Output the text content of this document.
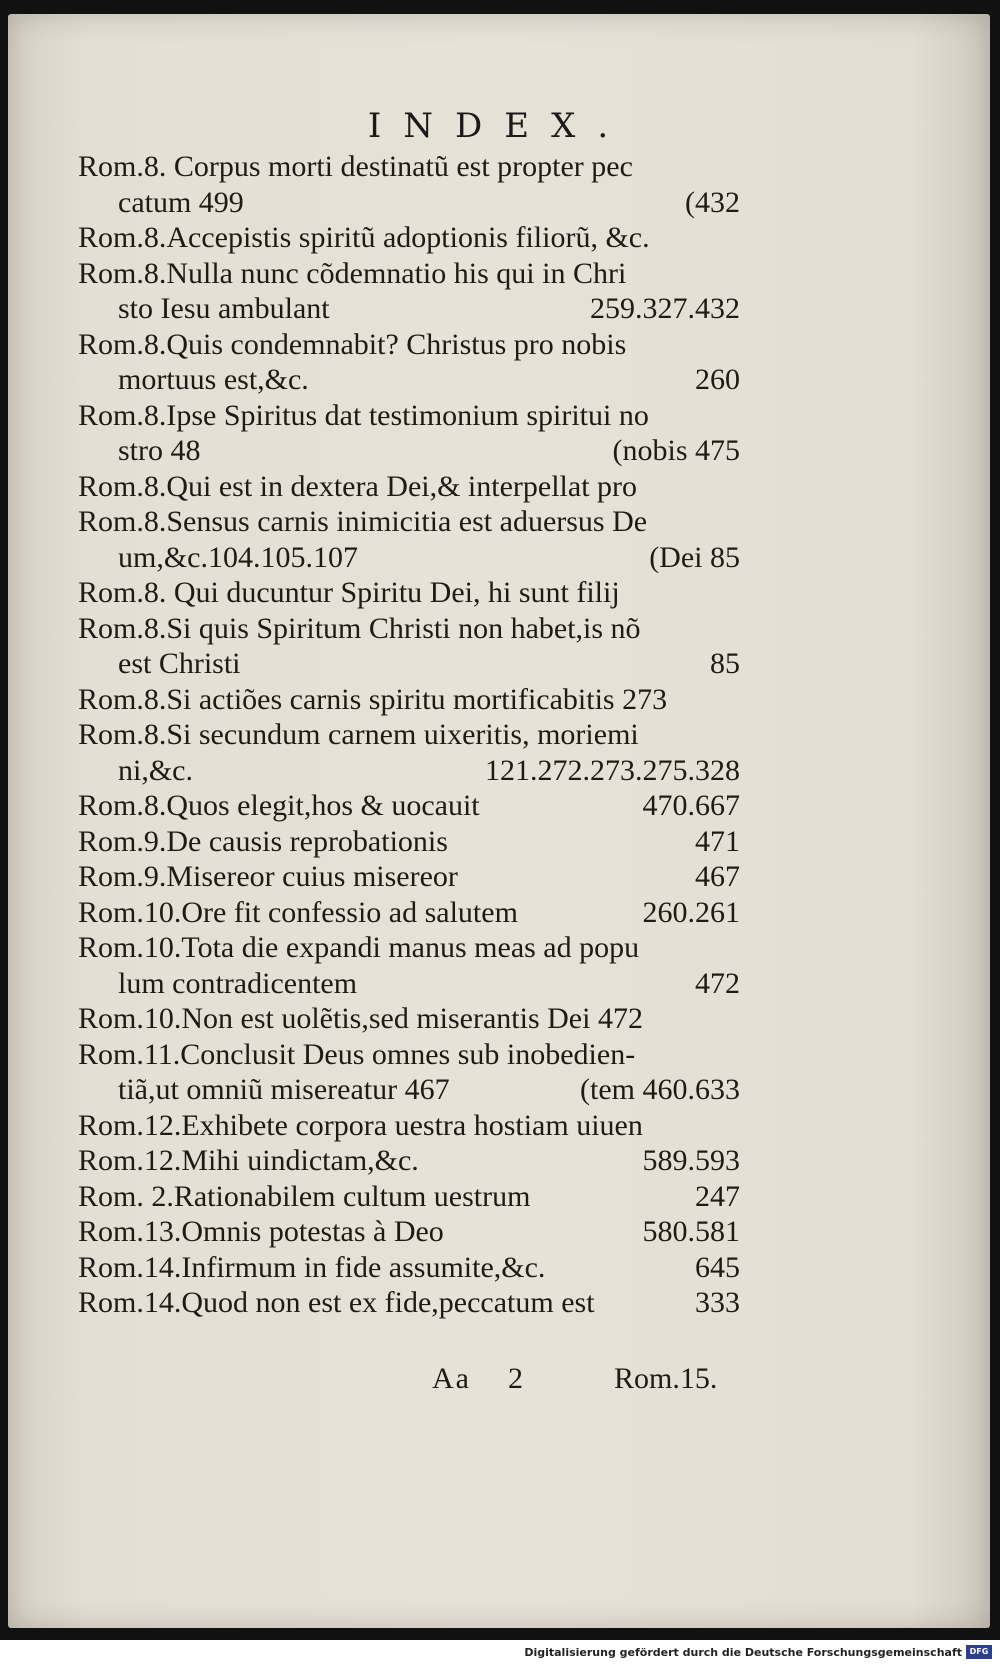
INDEX.
Rom.8. Corpus morti destinatũ est propter pec
catum 499	(432
Rom.8.Accepistis spiritũ adoptionis filiorũ, &c.
Rom.8.Nulla nunc cõdemnatio his qui in Chri
sto Iesu ambulant	259.327.432
Rom.8.Quis condemnabit? Christus pro nobis
mortuus est,&c.	260
Rom.8.Ipse Spiritus dat testimonium spiritui no
stro 48	(nobis 475
Rom.8.Qui est in dextera Dei,& interpellat pro
Rom.8.Sensus carnis inimicitia est aduersus De
um,&c.104.105.107	(Dei 85
Rom.8. Qui ducuntur Spiritu Dei, hi sunt filij
Rom.8.Si quis Spiritum Christi non habet,is nõ
est Christi	85
Rom.8.Si actiões carnis spiritu mortificabitis 273
Rom.8.Si secundum carnem uixeritis, moriemi
ni,&c.	121.272.273.275.328
Rom.8.Quos elegit,hos & uocauit	470.667
Rom.9.De causis reprobationis	471
Rom.9.Misereor cuius misereor	467
Rom.10.Ore fit confessio ad salutem	260.261
Rom.10.Tota die expandi manus meas ad popu
lum contradicentem	472
Rom.10.Non est uolẽtis,sed miserantis Dei 472
Rom.11.Conclusit Deus omnes sub inobedien-
tiã,ut omniũ misereatur 467	(tem 460.633
Rom.12.Exhibete corpora uestra hostiam uiuen
Rom.12.Mihi uindictam,&c.	589.593
Rom. 2.Rationabilem cultum uestrum	247
Rom.13.Omnis potestas à Deo	580.581
Rom.14.Infirmum in fide assumite,&c.	645
Rom.14.Quod non est ex fide,peccatum est	333
Aa 2	Rom.15.
Digitalisierung gefördert durch die Deutsche Forschungsgemeinschaft DFG
